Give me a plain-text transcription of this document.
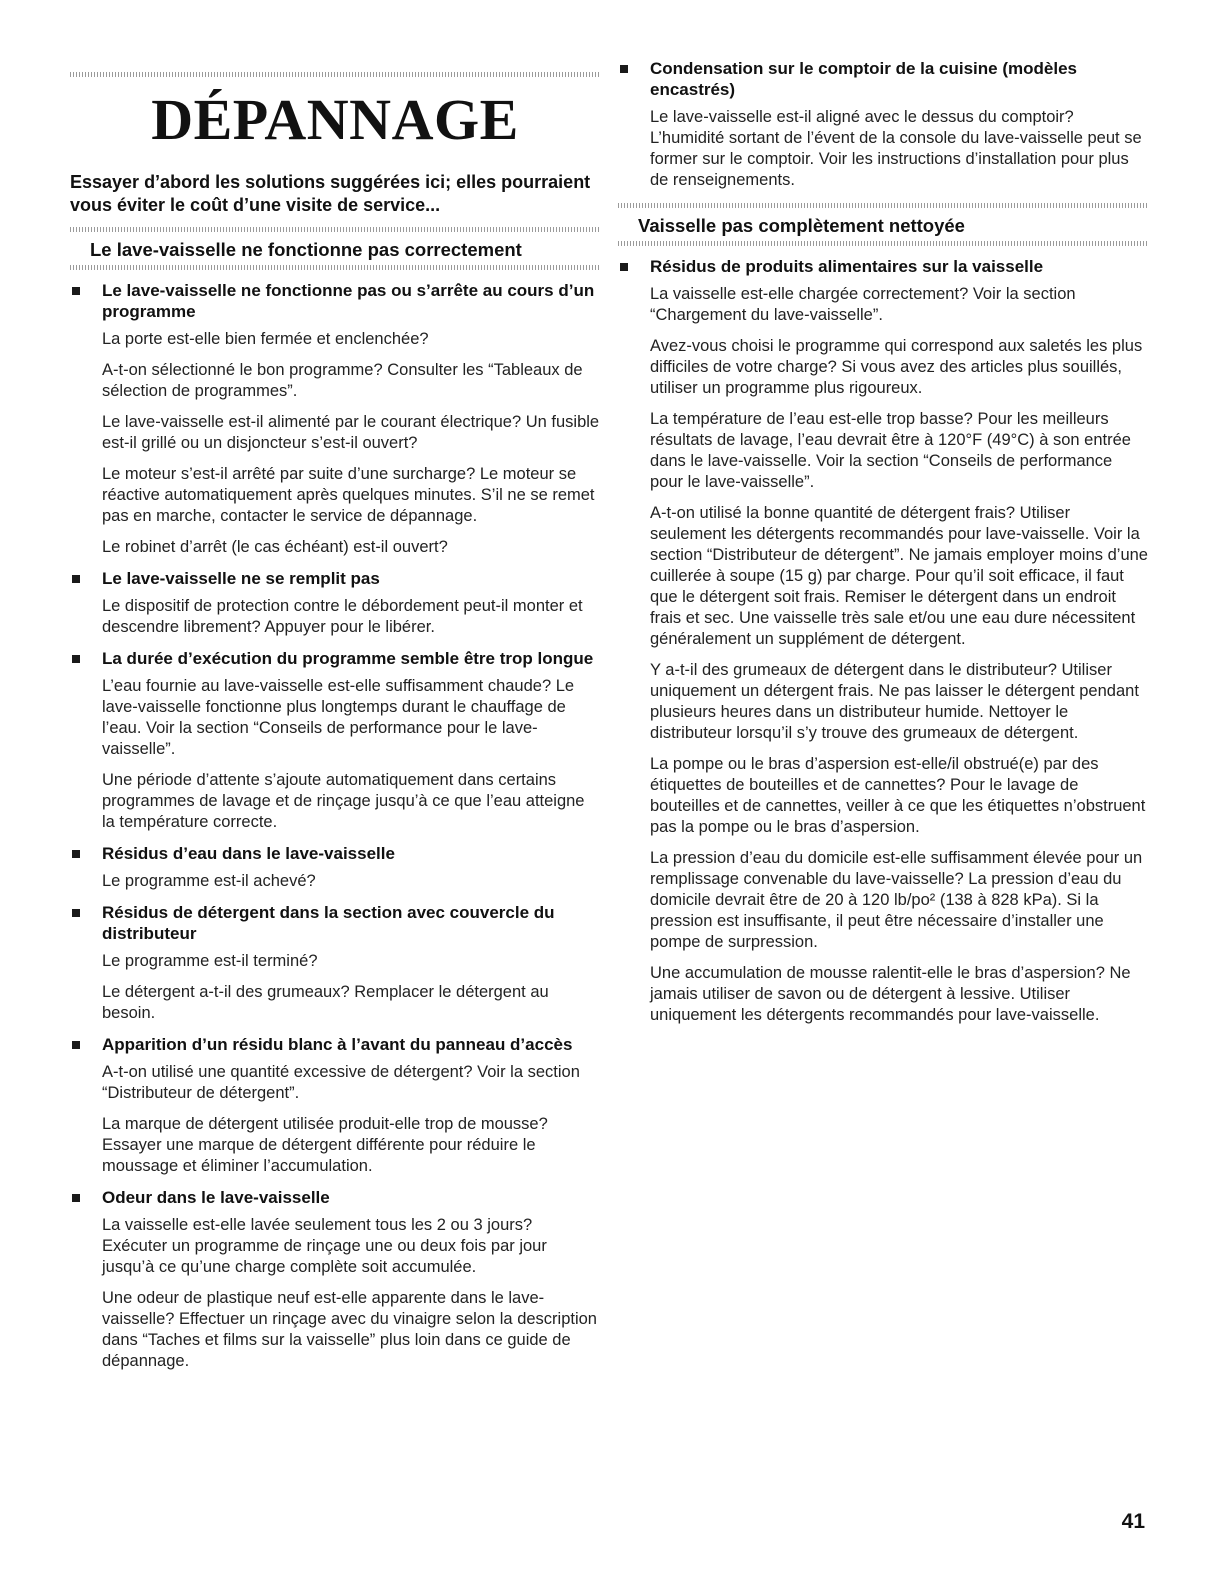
DÉPANNAGE

Essayer d’abord les solutions suggérées ici; elles pourraient vous éviter le coût d’une visite de service...

Le lave-vaisselle ne fonctionne pas correctement

Le lave-vaisselle ne fonctionne pas ou s’arrête au cours d’un programme

La porte est-elle bien fermée et enclenchée?

A-t-on sélectionné le bon programme? Consulter les “Tableaux de sélection de programmes”.

Le lave-vaisselle est-il alimenté par le courant électrique? Un fusible est-il grillé ou un disjoncteur s’est-il ouvert?

Le moteur s’est-il arrêté par suite d’une surcharge? Le moteur se réactive automatiquement après quelques minutes. S’il ne se remet pas en marche, contacter le service de dépannage.

Le robinet d’arrêt (le cas échéant) est-il ouvert?

Le lave-vaisselle ne se remplit pas

Le dispositif de protection contre le débordement peut-il monter et descendre librement? Appuyer pour le libérer.

La durée d’exécution du programme semble être trop longue

L’eau fournie au lave-vaisselle est-elle suffisamment chaude? Le lave-vaisselle fonctionne plus longtemps durant le chauffage de l’eau. Voir la section “Conseils de performance pour le lave-vaisselle”.

Une période d’attente s’ajoute automatiquement dans certains programmes de lavage et de rinçage jusqu’à ce que l’eau atteigne la température correcte.

Résidus d’eau dans le lave-vaisselle

Le programme est-il achevé?

Résidus de détergent dans la section avec couvercle du distributeur

Le programme est-il terminé?

Le détergent a-t-il des grumeaux? Remplacer le détergent au besoin.

Apparition d’un résidu blanc à l’avant du panneau d’accès

A-t-on utilisé une quantité excessive de détergent? Voir la section “Distributeur de détergent”.

La marque de détergent utilisée produit-elle trop de mousse? Essayer une marque de détergent différente pour réduire le moussage et éliminer l’accumulation.

Odeur dans le lave-vaisselle

La vaisselle est-elle lavée seulement tous les 2 ou 3 jours? Exécuter un programme de rinçage une ou deux fois par jour jusqu’à ce qu’une charge complète soit accumulée.

Une odeur de plastique neuf est-elle apparente dans le lave-vaisselle? Effectuer un rinçage avec du vinaigre selon la description dans “Taches et films sur la vaisselle” plus loin dans ce guide de dépannage.

Condensation sur le comptoir de la cuisine (modèles encastrés)

Le lave-vaisselle est-il aligné avec le dessus du comptoir? L’humidité sortant de l’évent de la console du lave-vaisselle peut se former sur le comptoir. Voir les instructions d’installation pour plus de renseignements.

Vaisselle pas complètement nettoyée

Résidus de produits alimentaires sur la vaisselle

La vaisselle est-elle chargée correctement? Voir la section “Chargement du lave-vaisselle”.

Avez-vous choisi le programme qui correspond aux saletés les plus difficiles de votre charge? Si vous avez des articles plus souillés, utiliser un programme plus rigoureux.

La température de l’eau est-elle trop basse? Pour les meilleurs résultats de lavage, l’eau devrait être à 120°F (49°C) à son entrée dans le lave-vaisselle. Voir la section “Conseils de performance pour le lave-vaisselle”.

A-t-on utilisé la bonne quantité de détergent frais? Utiliser seulement les détergents recommandés pour lave-vaisselle. Voir la section “Distributeur de détergent”. Ne jamais employer moins d’une cuillerée à soupe (15 g) par charge. Pour qu’il soit efficace, il faut que le détergent soit frais. Remiser le détergent dans un endroit frais et sec. Une vaisselle très sale et/ou une eau dure nécessitent généralement un supplément de détergent.

Y a-t-il des grumeaux de détergent dans le distributeur? Utiliser uniquement un détergent frais. Ne pas laisser le détergent pendant plusieurs heures dans un distributeur humide. Nettoyer le distributeur lorsqu’il s’y trouve des grumeaux de détergent.

La pompe ou le bras d’aspersion est-elle/il obstrué(e) par des étiquettes de bouteilles et de cannettes? Pour le lavage de bouteilles et de cannettes, veiller à ce que les étiquettes n’obstruent pas la pompe ou le bras d’aspersion.

La pression d’eau du domicile est-elle suffisamment élevée pour un remplissage convenable du lave-vaisselle? La pression d’eau du domicile devrait être de 20 à 120 lb/po² (138 à 828 kPa). Si la pression est insuffisante, il peut être nécessaire d’installer une pompe de surpression.

Une accumulation de mousse ralentit-elle le bras d’aspersion? Ne jamais utiliser de savon ou de détergent à lessive. Utiliser uniquement les détergents recommandés pour lave-vaisselle.

41
